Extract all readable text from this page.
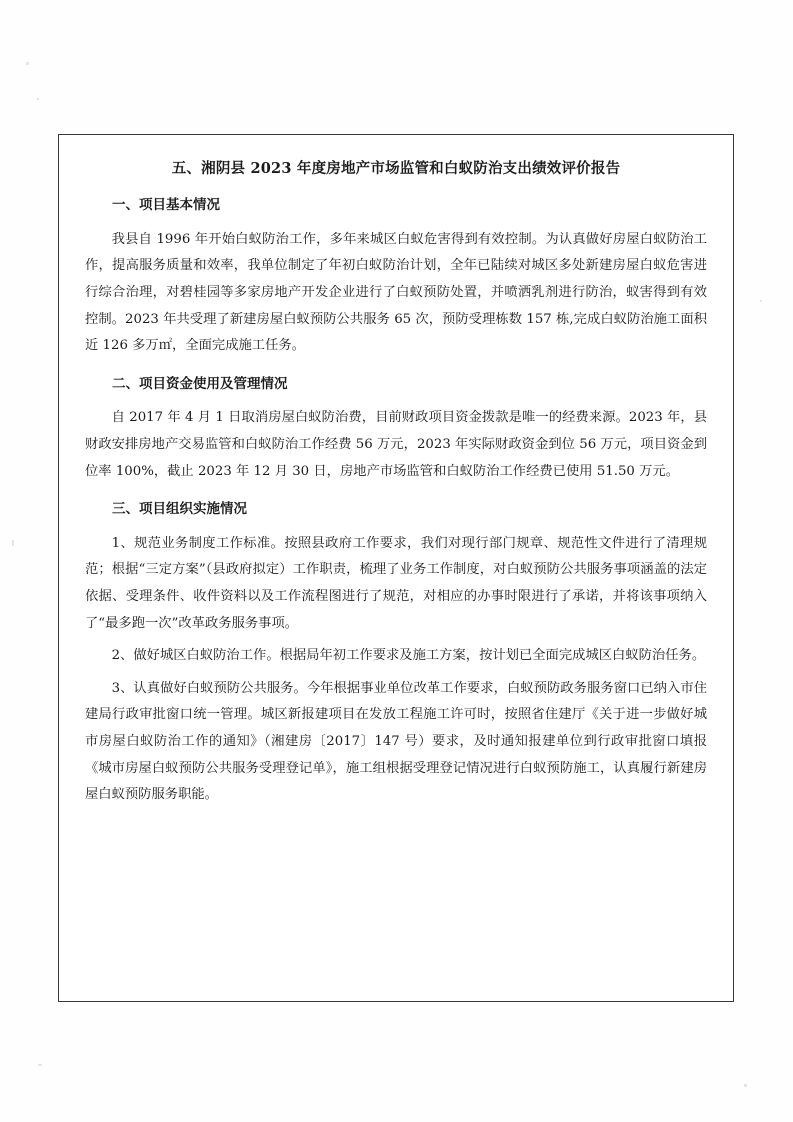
五、湘阴县 2023 年度房地产市场监管和白蚁防治支出绩效评价报告
一、项目基本情况

我县自 1996 年开始白蚁防治工作，多年来城区白蚁危害得到有效控制。为认真做好房屋白蚁防治工作，提高服务质量和效率，我单位制定了年初白蚁防治计划，全年已陆续对城区多处新建房屋白蚁危害进行综合治理，对碧桂园等多家房地产开发企业进行了白蚁预防处置，并喷洒乳剂进行防治，蚁害得到有效控制。2023 年共受理了新建房屋白蚁预防公共服务 65 次，预防受理栋数 157 栋,完成白蚁防治施工面积近 126 多万㎡，全面完成施工任务。

二、项目资金使用及管理情况

自 2017 年 4 月 1 日取消房屋白蚁防治费，目前财政项目资金拨款是唯一的经费来源。2023 年，县财政安排房地产交易监管和白蚁防治工作经费 56 万元，2023 年实际财政资金到位 56 万元，项目资金到位率 100%，截止 2023 年 12 月 30 日，房地产市场监管和白蚁防治工作经费已使用 51.50 万元。

三、项目组织实施情况

1、规范业务制度工作标准。按照县政府工作要求，我们对现行部门规章、规范性文件进行了清理规范；根据“三定方案”（县政府拟定）工作职责，梳理了业务工作制度，对白蚁预防公共服务事项涵盖的法定依据、受理条件、收件资料以及工作流程图进行了规范，对相应的办事时限进行了承诺，并将该事项纳入了“最多跑一次”改革政务服务事项。

2、做好城区白蚁防治工作。根据局年初工作要求及施工方案，按计划已全面完成城区白蚁防治任务。

3、认真做好白蚁预防公共服务。今年根据事业单位改革工作要求，白蚁预防政务服务窗口已纳入市住建局行政审批窗口统一管理。城区新报建项目在发放工程施工许可时，按照省住建厅《关于进一步做好城市房屋白蚁防治工作的通知》（湘建房〔2017〕147 号）要求，及时通知报建单位到行政审批窗口填报《城市房屋白蚁预防公共服务受理登记单》，施工组根据受理登记情况进行白蚁预防施工，认真履行新建房屋白蚁预防服务职能。
